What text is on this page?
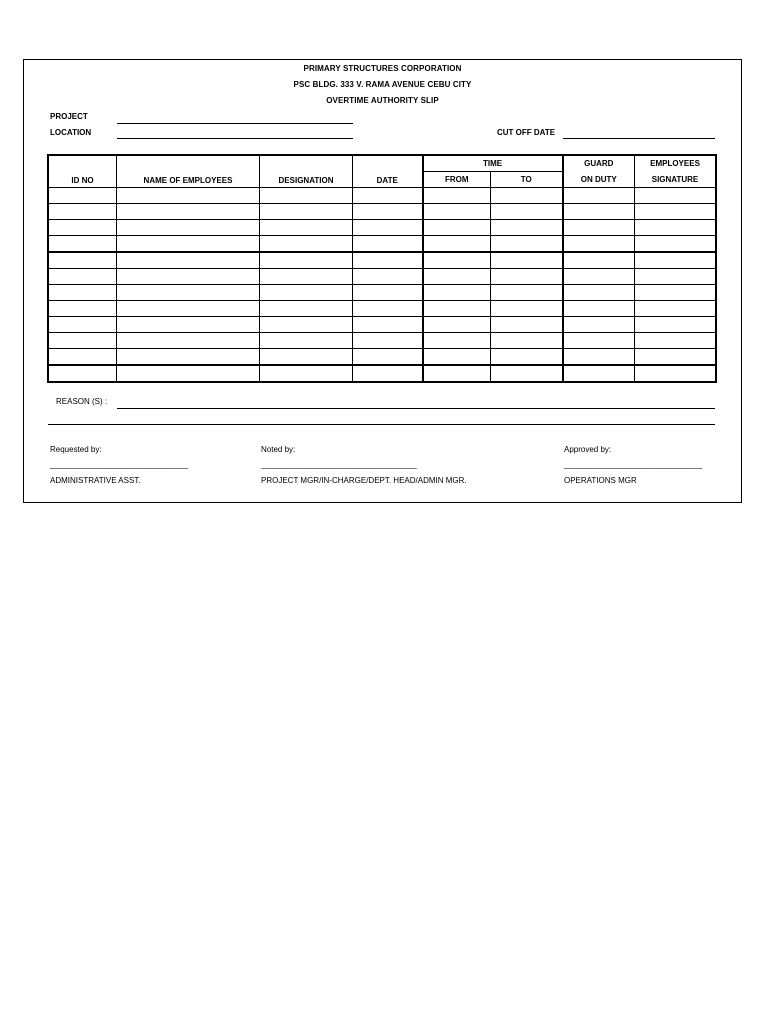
PRIMARY STRUCTURES CORPORATION
PSC BLDG. 333 V. RAMA AVENUE CEBU CITY
OVERTIME AUTHORITY SLIP
PROJECT
LOCATION	CUT OFF DATE
ID NO	NAME OF EMPLOYEES	DESIGNATION	DATE	TIME		GUARD	EMPLOYEES
				FROM	TO	ON DUTY	SIGNATURE

REASON (S) :
Requested by:
_______________________________
ADMINISTRATIVE ASST.
Noted by:
___________________________________
PROJECT MGR/IN-CHARGE/DEPT. HEAD/ADMIN MGR.
Approved by:
_______________________________
OPERATIONS MGR
